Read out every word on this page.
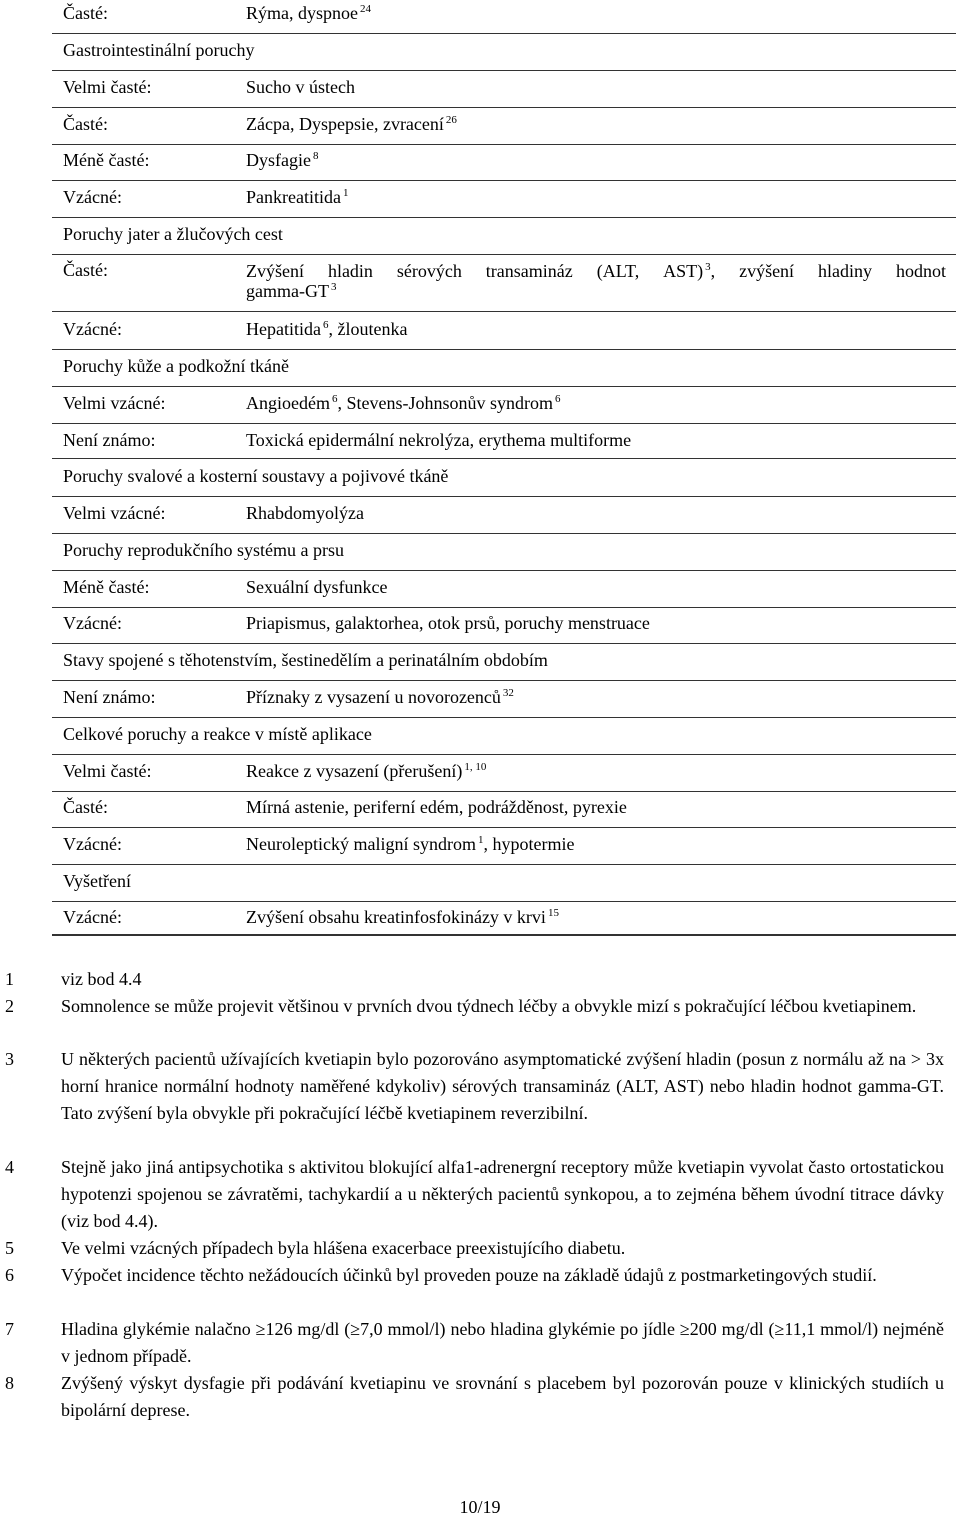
Časté:	Rýma, dyspnoe $^{24}$
Gastrointestinální poruchy
Velmi časté:	Sucho v ústech
Časté:	Zácpa, Dyspepsie, zvracení $^{26}$
Méně časté:	Dysfagie $^8$
Vzácné:	Pankreatitida $^1$
Poruchy jater a žlučových cest
Časté:	Zvýšení hladin sérových transamináz (ALT, AST) $^3$, zvýšení hladiny hodnot
gamma-GT $^3$
Vzácné:	Hepatitida $^6$, žloutenka
Poruchy kůže a podkožní tkáně
Velmi vzácné:	Angioedém $^6$, Stevens-Johnsonův syndrom $^6$
Není známo:	Toxická epidermální nekrolýza, erythema multiforme
Poruchy svalové a kosterní soustavy a pojivové tkáně
Velmi vzácné:	Rhabdomyolýza
Poruchy reprodukčního systému a prsu
Méně časté:	Sexuální dysfunkce
Vzácné:	Priapismus, galaktorhea, otok prsů, poruchy menstruace
Stavy spojené s těhotenstvím, šestinedělím a perinatálním obdobím
Není známo:	Příznaky z vysazení u novorozenců $^{32}$
Celkové poruchy a reakce v místě aplikace
Velmi časté:	Reakce z vysazení (přerušení) $^{1, 10}$
Časté:	Mírná astenie, periferní edém, podrážděnost, pyrexie
Vzácné:	Neuroleptický maligní syndrom $^1$, hypotermie
Vyšetření
Vzácné:	Zvýšení obsahu kreatinfosfokinázy v krvi $^{15}$
1	viz bod 4.4
2	Somnolence se může projevit většinou v prvních dvou týdnech léčby a obvykle mizí s pokračující léčbou kvetiapinem.
3	U některých pacientů užívajících kvetiapin bylo pozorováno asymptomatické zvýšení hladin (posun z normálu až na > 3x horní hranice normální hodnoty naměřené kdykoliv) sérových transamináz (ALT, AST) nebo hladin hodnot gamma-GT. Tato zvýšení byla obvykle při pokračující léčbě kvetiapinem reverzibilní.
4	Stejně jako jiná antipsychotika s aktivitou blokující alfa1-adrenergní receptory může kvetiapin vyvolat často ortostatickou hypotenzi spojenou se závratěmi, tachykardií a u některých pacientů synkopou, a to zejména během úvodní titrace dávky (viz bod 4.4).
5	Ve velmi vzácných případech byla hlášena exacerbace preexistujícího diabetu.
6	Výpočet incidence těchto nežádoucích účinků byl proveden pouze na základě údajů z postmarketingových studií.
7	Hladina glykémie nalačno ≥126 mg/dl (≥7,0 mmol/l) nebo hladina glykémie po jídle ≥200 mg/dl (≥11,1 mmol/l) nejméně v jednom případě.
8	Zvýšený výskyt dysfagie při podávání kvetiapinu ve srovnání s placebem byl pozorován pouze v klinických studiích u bipolární deprese.
10/19
